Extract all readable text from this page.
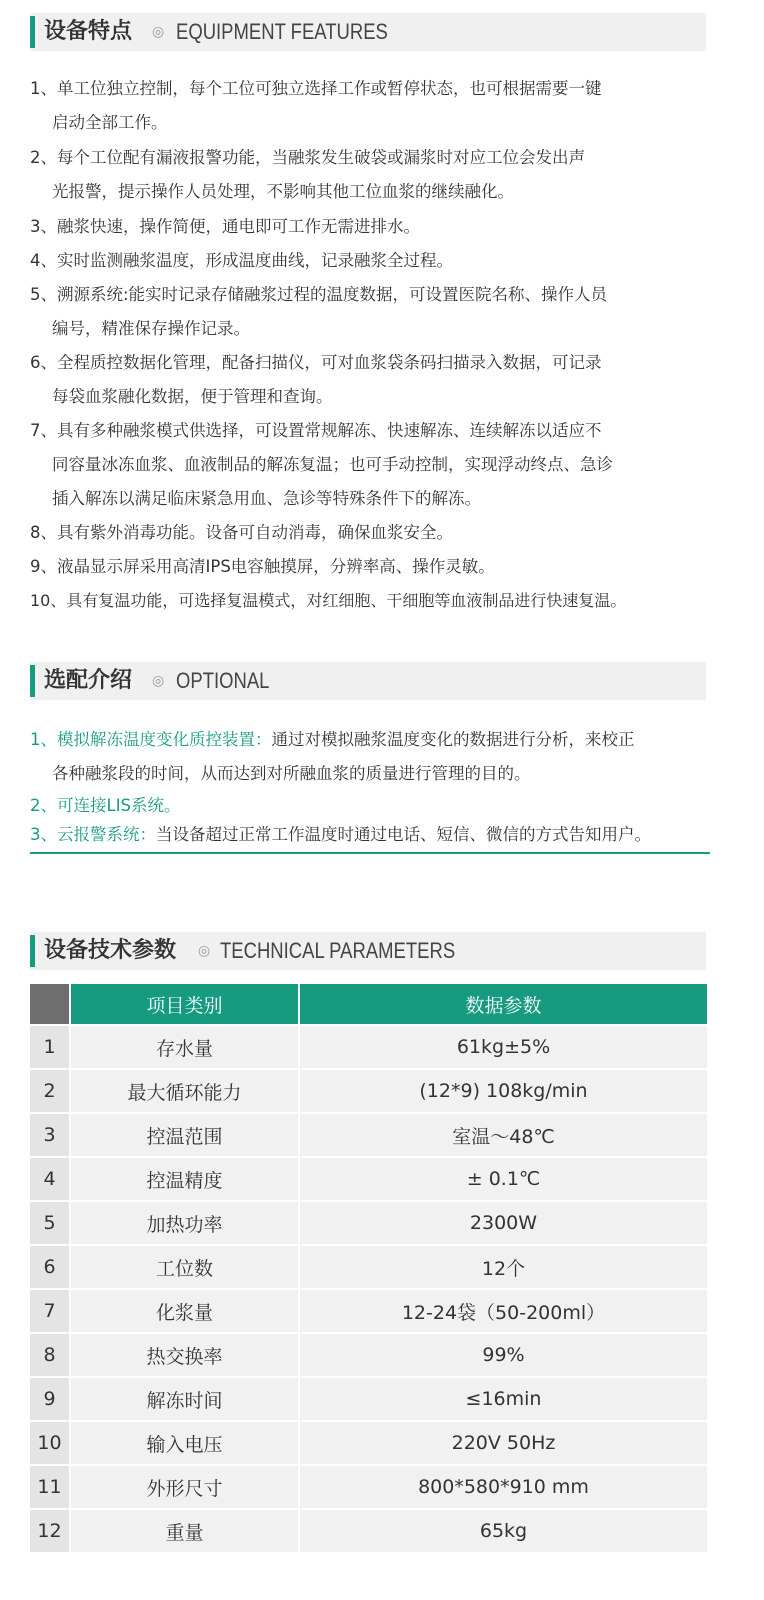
设备特点 ◎ EQUIPMENT FEATURES
1、单工位独立控制，每个工位可独立选择工作或暂停状态，也可根据需要一键
启动全部工作。
2、每个工位配有漏液报警功能，当融浆发生破袋或漏浆时对应工位会发出声
光报警，提示操作人员处理，不影响其他工位血浆的继续融化。
3、融浆快速，操作简便，通电即可工作无需进排水。
4、实时监测融浆温度，形成温度曲线，记录融浆全过程。
5、溯源系统:能实时记录存储融浆过程的温度数据，可设置医院名称、操作人员
编号，精准保存操作记录。
6、全程质控数据化管理，配备扫描仪，可对血浆袋条码扫描录入数据，可记录
每袋血浆融化数据，便于管理和查询。
7、具有多种融浆模式供选择，可设置常规解冻、快速解冻、连续解冻以适应不
同容量冰冻血浆、血液制品的解冻复温；也可手动控制，实现浮动终点、急诊
插入解冻以满足临床紧急用血、急诊等特殊条件下的解冻。
8、具有紫外消毒功能。设备可自动消毒，确保血浆安全。
9、液晶显示屏采用高清IPS电容触摸屏，分辨率高、操作灵敏。
10、具有复温功能，可选择复温模式，对红细胞、干细胞等血液制品进行快速复温。
选配介绍 ◎ OPTIONAL
1、模拟解冻温度变化质控装置：通过对模拟融浆温度变化的数据进行分析，来校正
各种融浆段的时间，从而达到对所融血浆的质量进行管理的目的。
2、可连接LIS系统。
3、云报警系统：当设备超过正常工作温度时通过电话、短信、微信的方式告知用户。
设备技术参数 ◎ TECHNICAL PARAMETERS
	项目类别	数据参数
1	存水量	61kg±5%
2	最大循环能力	(12*9) 108kg/min
3	控温范围	室温～48℃
4	控温精度	± 0.1℃
5	加热功率	2300W
6	工位数	12个
7	化浆量	12-24袋（50-200ml）
8	热交换率	99%
9	解冻时间	≤16min
10	输入电压	220V 50Hz
11	外形尺寸	800*580*910 mm
12	重量	65kg
